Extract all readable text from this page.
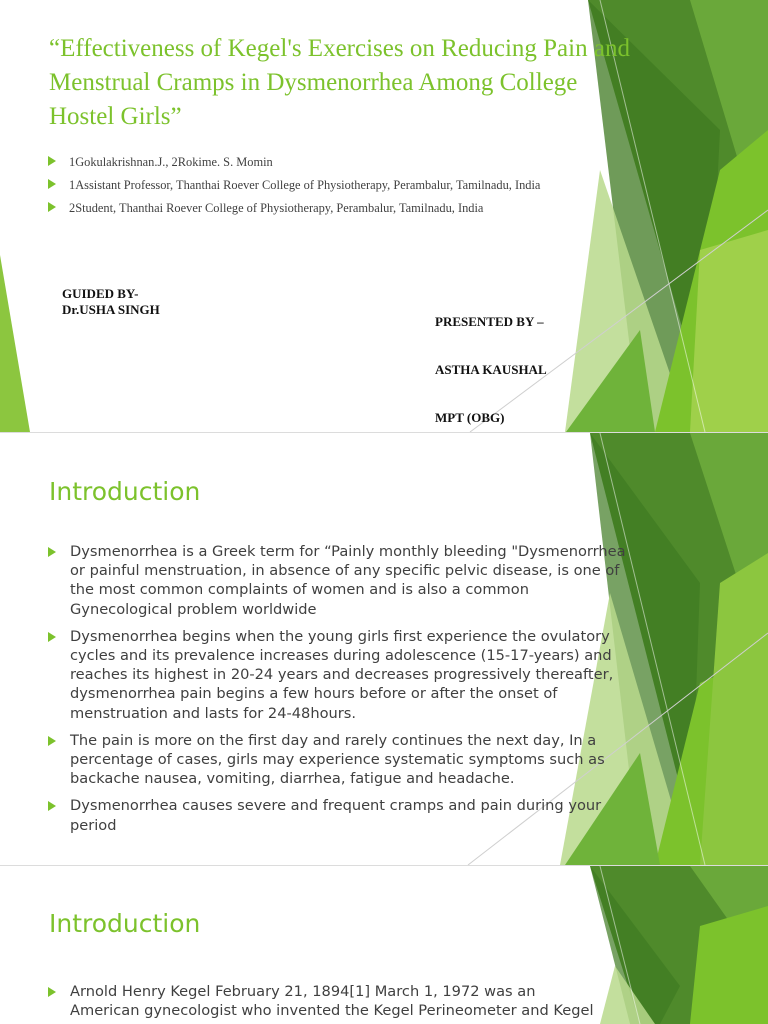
“Effectiveness of Kegel's Exercises on Reducing Pain and
Menstrual Cramps in Dysmenorrhea Among College
Hostel Girls”
1Gokulakrishnan.J., 2Rokime. S. Momin
1Assistant Professor, Thanthai Roever College of Physiotherapy, Perambalur, Tamilnadu, India
2Student, Thanthai Roever College of Physiotherapy, Perambalur, Tamilnadu, India
GUIDED BY-
Dr.USHA SINGH

PRESENTED BY –

ASTHA KAUSHAL

MPT (OBG)

Introduction
Dysmenorrhea is a Greek term for “Painly monthly bleeding "Dysmenorrhea
or painful menstruation, in absence of any specific pelvic disease, is one of
the most common complaints of women and is also a common
Gynecological problem worldwide
Dysmenorrhea begins when the young girls first experience the ovulatory
cycles and its prevalence increases during adolescence (15-17-years) and
reaches its highest in 20-24 years and decreases progressively thereafter,
dysmenorrhea pain begins a few hours before or after the onset of
menstruation and lasts for 24-48hours.
The pain is more on the first day and rarely continues the next day, In a
percentage of cases, girls may experience systematic symptoms such as
backache nausea, vomiting, diarrhea, fatigue and headache.
Dysmenorrhea causes severe and frequent cramps and pain during your
period
Introduction
Arnold Henry Kegel February 21, 1894[1] March 1, 1972 was an
American gynecologist who invented the Kegel Perineometer and Kegel
